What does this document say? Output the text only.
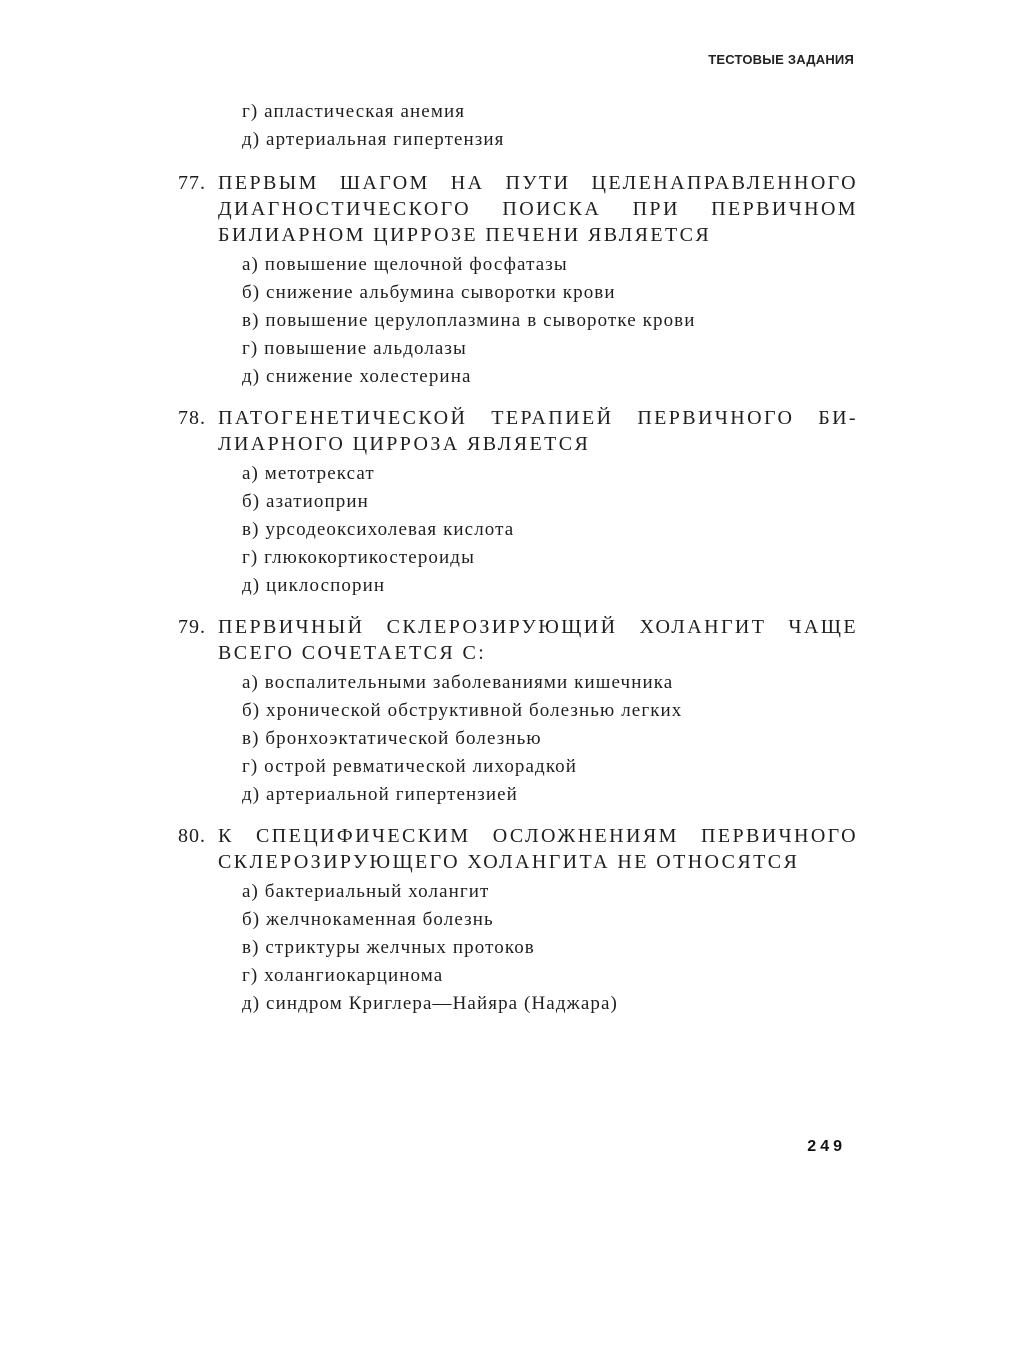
ТЕСТОВЫЕ ЗАДАНИЯ
г) апластическая анемия
д) артериальная гипертензия
77. ПЕРВЫМ ШАГОМ НА ПУТИ ЦЕЛЕНАПРАВЛЕННОГО ДИАГНОСТИЧЕСКОГО ПОИСКА ПРИ ПЕРВИЧНОМ БИЛИАРНОМ ЦИРРОЗЕ ПЕЧЕНИ ЯВЛЯЕТСЯ
а) повышение щелочной фосфатазы
б) снижение альбумина сыворотки крови
в) повышение церулоплазмина в сыворотке крови
г) повышение альдолазы
д) снижение холестерина
78. ПАТОГЕНЕТИЧЕСКОЙ ТЕРАПИЕЙ ПЕРВИЧНОГО БИ-ЛИАРНОГО ЦИРРОЗА ЯВЛЯЕТСЯ
а) метотрексат
б) азатиоприн
в) урсодеоксихолевая кислота
г) глюкокортикостероиды
д) циклоспорин
79. ПЕРВИЧНЫЙ СКЛЕРОЗИРУЮЩИЙ ХОЛАНГИТ ЧАЩЕ ВСЕГО СОЧЕТАЕТСЯ С:
а) воспалительными заболеваниями кишечника
б) хронической обструктивной болезнью легких
в) бронхоэктатической болезнью
г) острой ревматической лихорадкой
д) артериальной гипертензией
80. К СПЕЦИФИЧЕСКИМ ОСЛОЖНЕНИЯМ ПЕРВИЧНОГО СКЛЕРОЗИРУЮЩЕГО ХОЛАНГИТА НЕ ОТНОСЯТСЯ
а) бактериальный холангит
б) желчнокаменная болезнь
в) стриктуры желчных протоков
г) холангиокарцинома
д) синдром Криглера—Найяра (Наджара)
249
